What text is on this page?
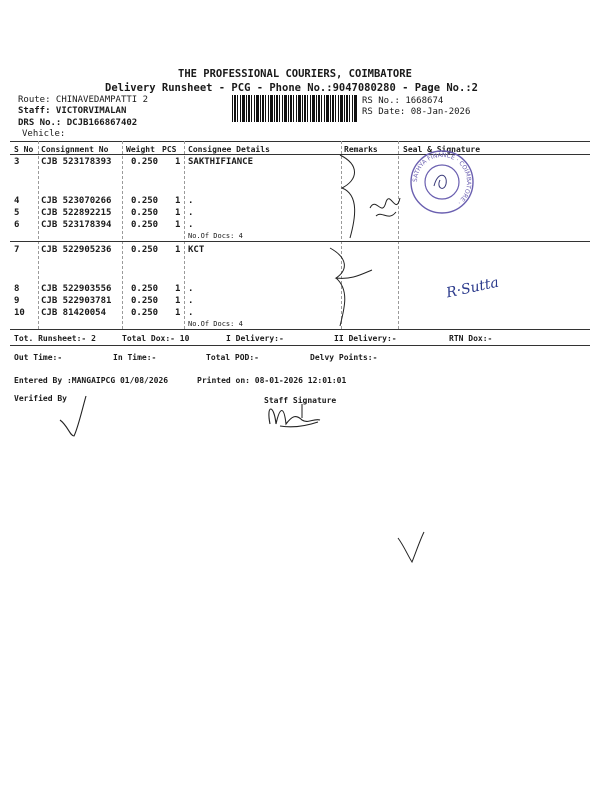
THE PROFESSIONAL COURIERS, COIMBATORE
Delivery Runsheet - PCG - Phone No.:9047080280 - Page No.:2
Route: CHINAVEDAMPATTI 2
Staff: VICTORVIMALAN
DRS No.: DCJB166867402
Vehicle:
RS No.: 1668674
RS Date: 08-Jan-2026
S No Consignment No Weight PCS Consignee Details	Remarks	Seal & Signature
3 CJB 523178393 0.250 1 SAKTHIFIANCE
4 CJB 523070266 0.250 1 .
5 CJB 522892215 0.250 1 .
6 CJB 523178394 0.250 1 .
No.Of Docs: 4
7 CJB 522905236 0.250 1 KCT
8 CJB 522903556 0.250 1 .
9 CJB 522903781 0.250 1 .
10 CJB 81420054	0.250 1 .
No.Of Docs: 4
Tot. Runsheet:- 2	Total Dox:- 10	I Delivery:-	II Delivery:-	RTN Dox:-
Out Time:-	In Time:-	Total POD:-	Delvy Points:-
Entered By :MANGAIPCG 01/08/2026	Printed on: 08-01-2026 12:01:01
Verified By	Staff Signature
SATHYA FINANCE · COIMBATORE ·
R·Sutta
